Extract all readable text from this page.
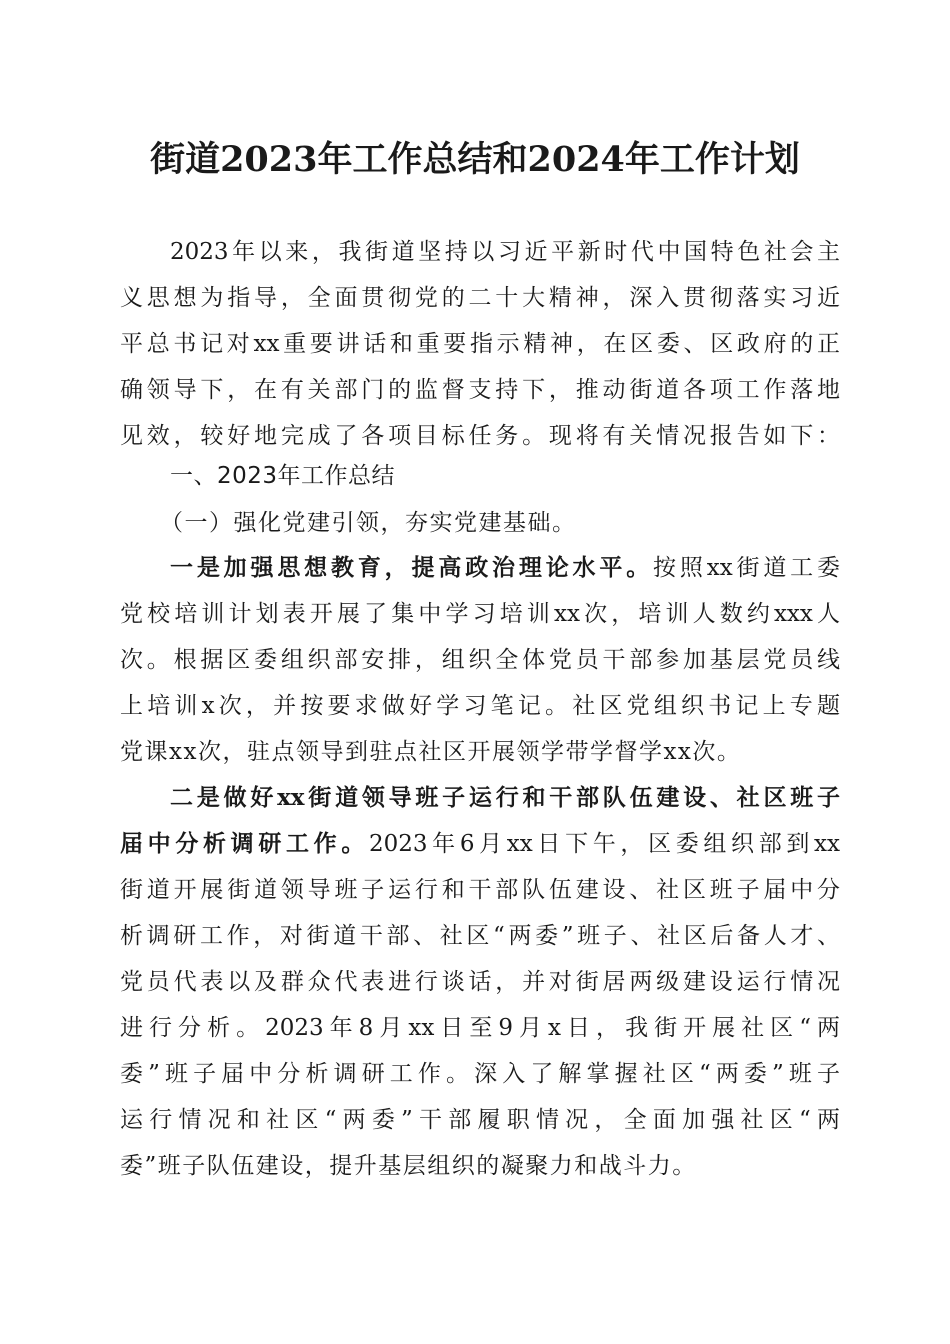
街道2023年工作总结和2024年工作计划
2023年以来，我街道坚持以习近平新时代中国特色社会主
义思想为指导，全面贯彻党的二十大精神，深入贯彻落实习近
平总书记对xx重要讲话和重要指示精神，在区委、区政府的正
确领导下，在有关部门的监督支持下，推动街道各项工作落地
见效，较好地完成了各项目标任务。现将有关情况报告如下：
一、2023年工作总结
（一）强化党建引领，夯实党建基础。
一是加强思想教育，提高政治理论水平。按照xx街道工委
党校培训计划表开展了集中学习培训xx次，培训人数约xxx人
次。根据区委组织部安排，组织全体党员干部参加基层党员线
上培训x次，并按要求做好学习笔记。社区党组织书记上专题
党课xx次，驻点领导到驻点社区开展领学带学督学xx次。
二是做好xx街道领导班子运行和干部队伍建设、社区班子
届中分析调研工作。2023年6月xx日下午，区委组织部到xx
街道开展街道领导班子运行和干部队伍建设、社区班子届中分
析调研工作，对街道干部、社区“两委”班子、社区后备人才、
党员代表以及群众代表进行谈话，并对街居两级建设运行情况
进行分析。2023年8月xx日至9月x日，我街开展社区“两
委”班子届中分析调研工作。深入了解掌握社区“两委”班子
运行情况和社区“两委”干部履职情况，全面加强社区“两
委”班子队伍建设，提升基层组织的凝聚力和战斗力。
